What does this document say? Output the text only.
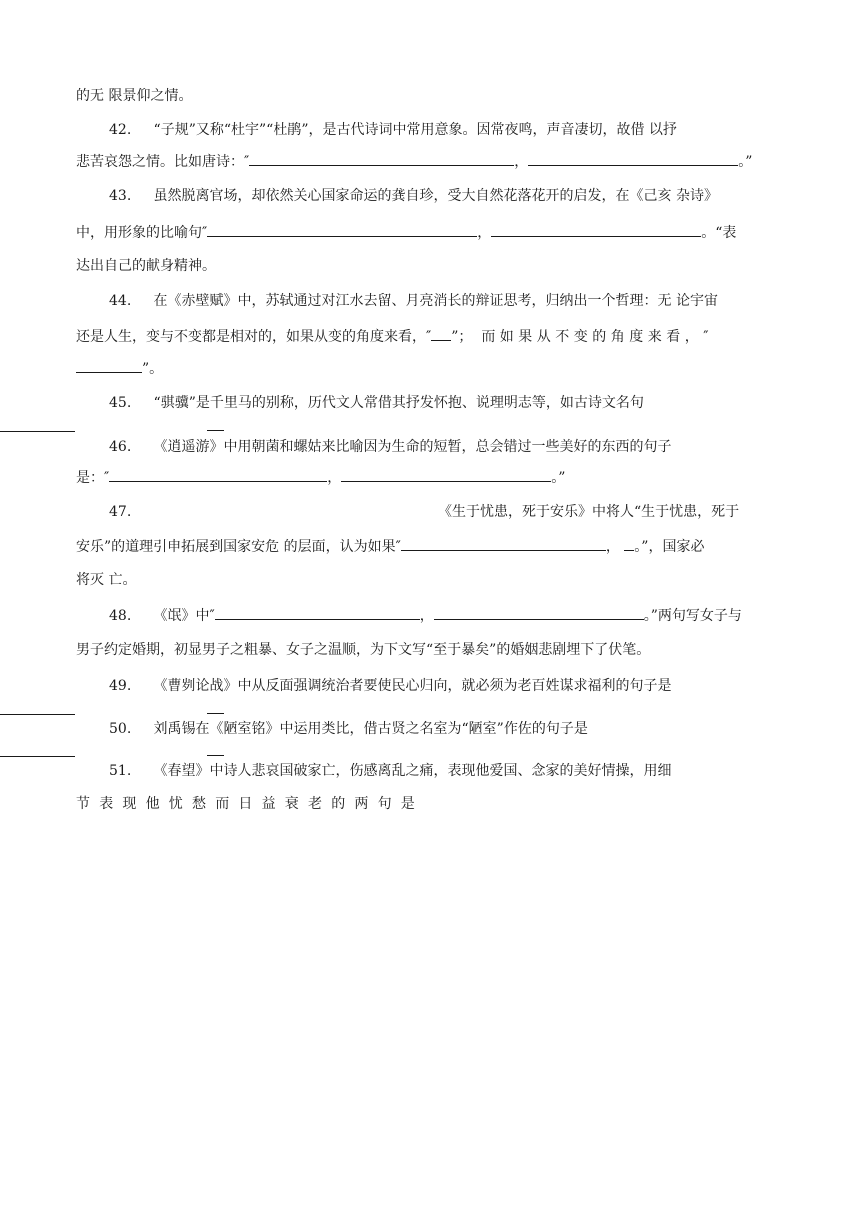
的无 限景仰之情。
42. “子规”又称“杜宇”“杜鹃”，是古代诗词中常用意象。因常夜鸣，声音凄切，故借 以抒
悲苦哀怨之情。比如唐诗：″	，	。”
43. 虽然脱离官场，却依然关心国家命运的龚自珍，受大自然花落花开的启发，在《己亥 杂诗》
中，用形象的比喻句″	，	。“表
达出自己的献身精神。
44. 在《赤壁赋》中，苏轼通过对江水去留、月亮消长的辩证思考，归纳出一个哲理：无 论宇宙
还是人生，变与不变都是相对的，如果从变的角度来看，″ ”； 而如果从不变的角度来看，″
”。
45. “骐骥”是千里马的别称，历代文人常借其抒发怀抱、说理明志等，如古诗文名句
46. 《逍遥游》中用朝菌和螺姑来比喻因为生命的短暂，总会错过一些美好的东西的句子
是：″	，	。”
47.	《生于忧患，死于安乐》中将人“生于忧患，死于
安乐”的道理引申拓展到国家安危 的层面，认为如果″	， 。”，国家必
将灭 亡。
48. 《氓》中″	，	。”两句写女子与
男子约定婚期，初显男子之粗暴、女子之温顺，为下文写“至于暴矣”的婚姻悲剧埋下了伏笔。
49. 《曹刿论战》中从反面强调统治者要使民心归向，就必须为老百姓谋求福利的句子是
50. 刘禹锡在《陋室铭》中运用类比，借古贤之名室为“陋室”作佐的句子是
51. 《春望》中诗人悲哀国破家亡，伤感离乱之痛，表现他爱国、念家的美好情操，用细
节表现他忧愁而日益衰老的两句是
